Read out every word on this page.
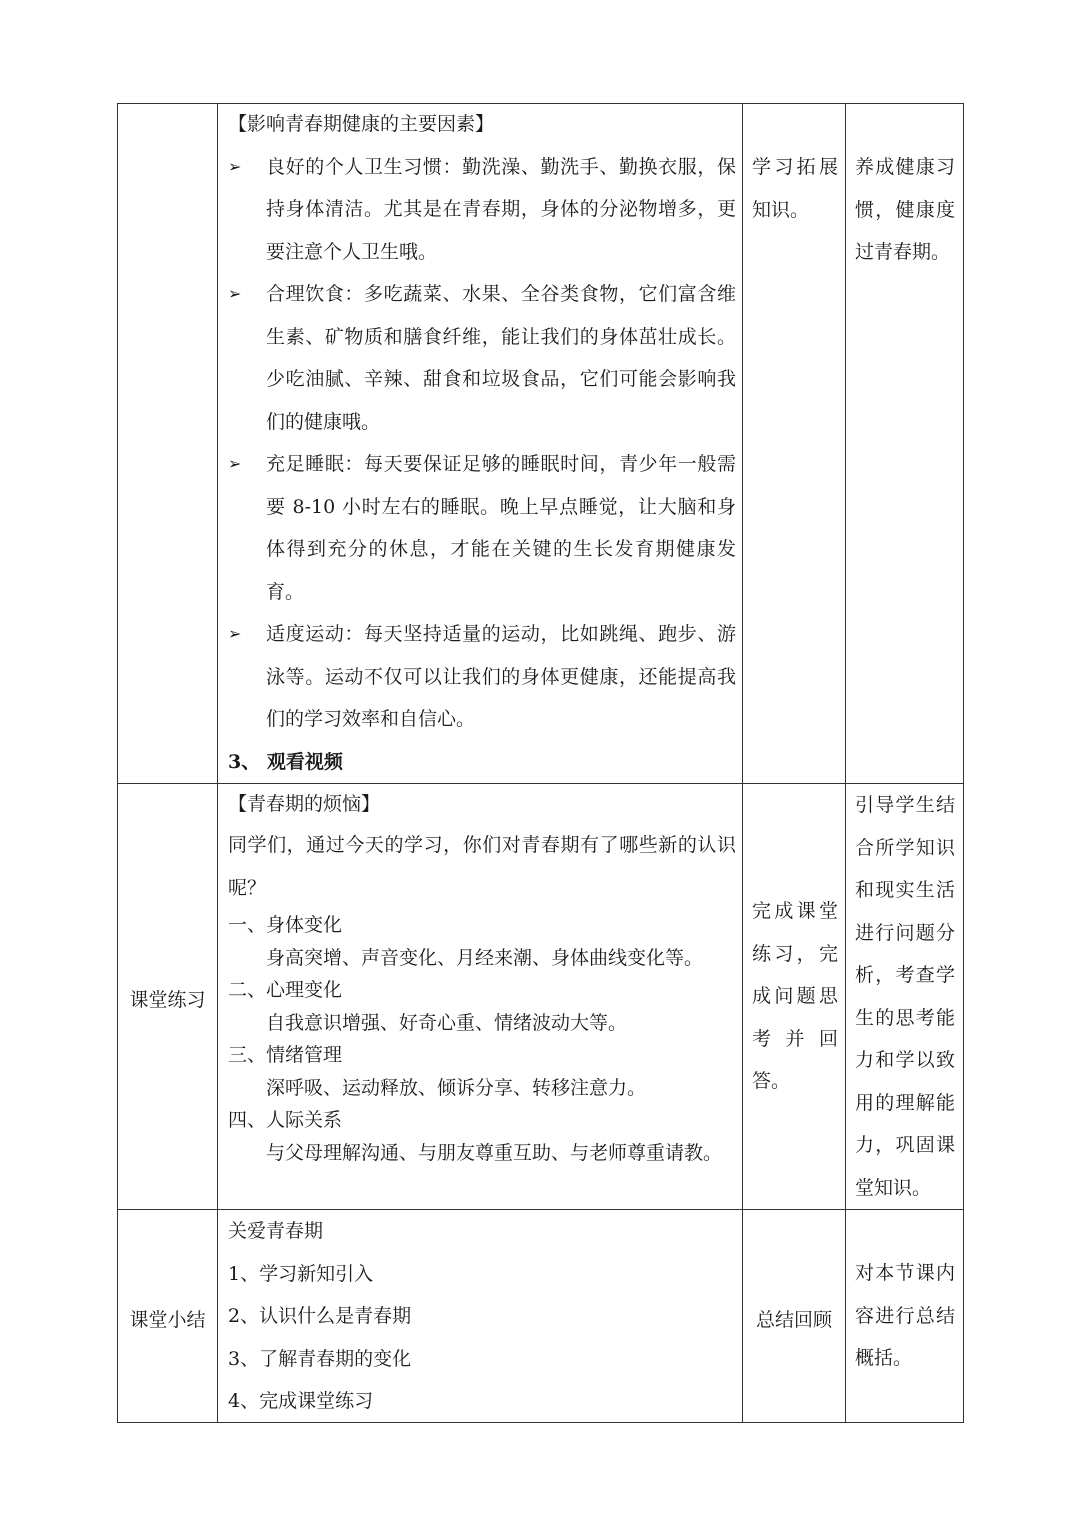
【影响青春期健康的主要因素】

➢ 良好的个人卫生习惯：勤洗澡、勤洗手、勤换衣服，保持身体清洁。尤其是在青春期，身体的分泌物增多，更要注意个人卫生哦。

➢ 合理饮食：多吃蔬菜、水果、全谷类食物，它们富含维生素、矿物质和膳食纤维，能让我们的身体茁壮成长。少吃油腻、辛辣、甜食和垃圾食品，它们可能会影响我们的健康哦。

➢ 充足睡眠：每天要保证足够的睡眠时间，青少年一般需要 8-10 小时左右的睡眠。晚上早点睡觉，让大脑和身体得到充分的休息，才能在关键的生长发育期健康发育。

➢ 适度运动：每天坚持适量的运动，比如跳绳、跑步、游泳等。运动不仅可以让我们的身体更健康，还能提高我们的学习效率和自信心。

3、 观看视频

【青春期的烦恼】

学习拓展知识。
养成健康习惯，健康度过青春期。
课堂练习

同学们，通过今天的学习，你们对青春期有了哪些新的认识呢？

一、身体变化

身高突增、声音变化、月经来潮、身体曲线变化等。

二、心理变化

自我意识增强、好奇心重、情绪波动大等。

三、情绪管理

深呼吸、运动释放、倾诉分享、转移注意力。

四、人际关系

与父母理解沟通、与朋友尊重互助、与老师尊重请教。

完成课堂练习，完成问题思考并回答。
引导学生结合所学知识和现实生活进行问题分析，考查学生的思考能力和学以致用的理解能力，巩固课堂知识。
课堂小结

关爱青春期

1、学习新知引入

2、认识什么是青春期

3、了解青春期的变化

4、完成课堂练习

总结回顾
对本节课内容进行总结概括。
